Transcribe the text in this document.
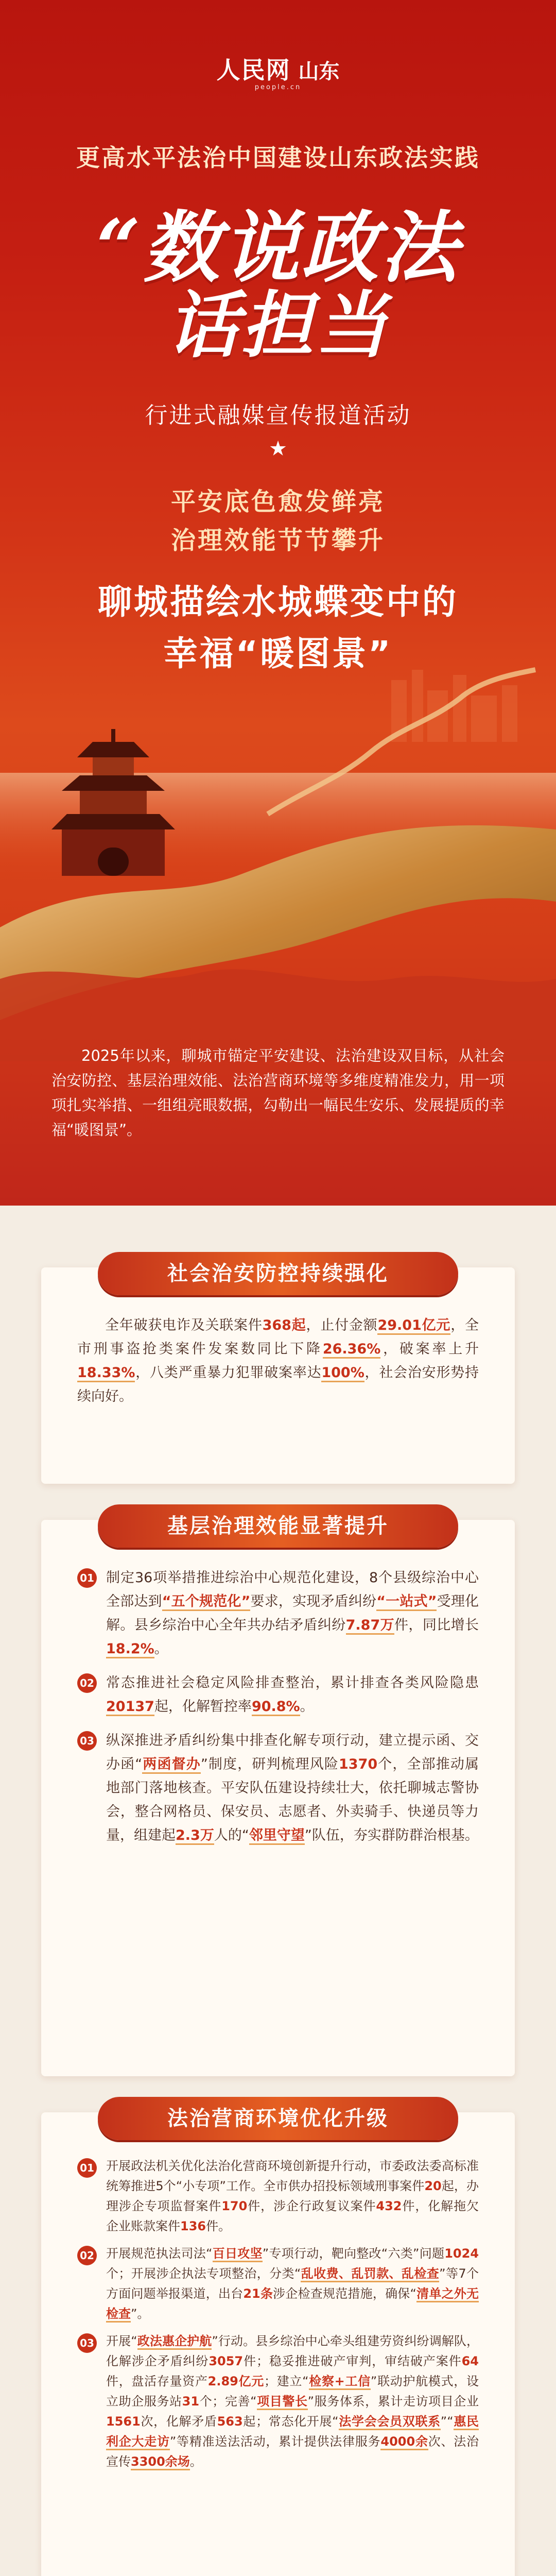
人民网 山东
people.cn
更高水平法治中国建设山东政法实践
“数说政法
话担当
行进式融媒宣传报道活动
★
平安底色愈发鲜亮
治理效能节节攀升
聊城描绘水城蝶变中的
幸福“暖图景”
2025年以来，聊城市锚定平安建设、法治建设双目标，从社会治安防控、基层治理效能、法治营商环境等多维度精准发力，用一项项扎实举措、一组组亮眼数据，勾勒出一幅民生安乐、发展提质的幸福“暖图景”。
社会治安防控持续强化

全年破获电诈及关联案件368起，止付金额29.01亿元，全市刑事盗抢类案件发案数同比下降26.36%，破案率上升18.33%，八类严重暴力犯罪破案率达100%，社会治安形势持续向好。

基层治理效能显著提升
01 制定36项举措推进综治中心规范化建设，8个县级综治中心全部达到“五个规范化”要求，实现矛盾纠纷“一站式”受理化解。县乡综治中心全年共办结矛盾纠纷7.87万件，同比增长18.2%。
02 常态推进社会稳定风险排查整治，累计排查各类风险隐患20137起，化解暂控率90.8%。
03 纵深推进矛盾纠纷集中排查化解专项行动，建立提示函、交办函“两函督办”制度，研判梳理风险1370个，全部推动属地部门落地核查。平安队伍建设持续壮大，依托聊城志警协会，整合网格员、保安员、志愿者、外卖骑手、快递员等力量，组建起2.3万人的“邻里守望”队伍，夯实群防群治根基。
法治营商环境优化升级
01 开展政法机关优化法治化营商环境创新提升行动，市委政法委高标准统筹推进5个“小专项”工作。全市供办招投标领域刑事案件20起，办理涉企专项监督案件170件，涉企行政复议案件432件，化解拖欠企业账款案件136件。
02 开展规范执法司法“百日攻坚”专项行动，靶向整改“六类”问题1024个；开展涉企执法专项整治，分类“乱收费、乱罚款、乱检查”等7个方面问题举报渠道，出台21条涉企检查规范措施，确保“清单之外无检查”。
03 开展“政法惠企护航”行动。县乡综治中心牵头组建劳资纠纷调解队，化解涉企矛盾纠纷3057件；稳妥推进破产审判，审结破产案件64件，盘活存量资产2.89亿元；建立“检察+工信”联动护航模式，设立助企服务站31个；完善“项目警长”服务体系，累计走访项目企业1561次，化解矛盾563起；常态化开展“法学会会员双联系”“惠民利企大走访”等精准送法活动，累计提供法律服务4000余次、法治宣传3300余场。
